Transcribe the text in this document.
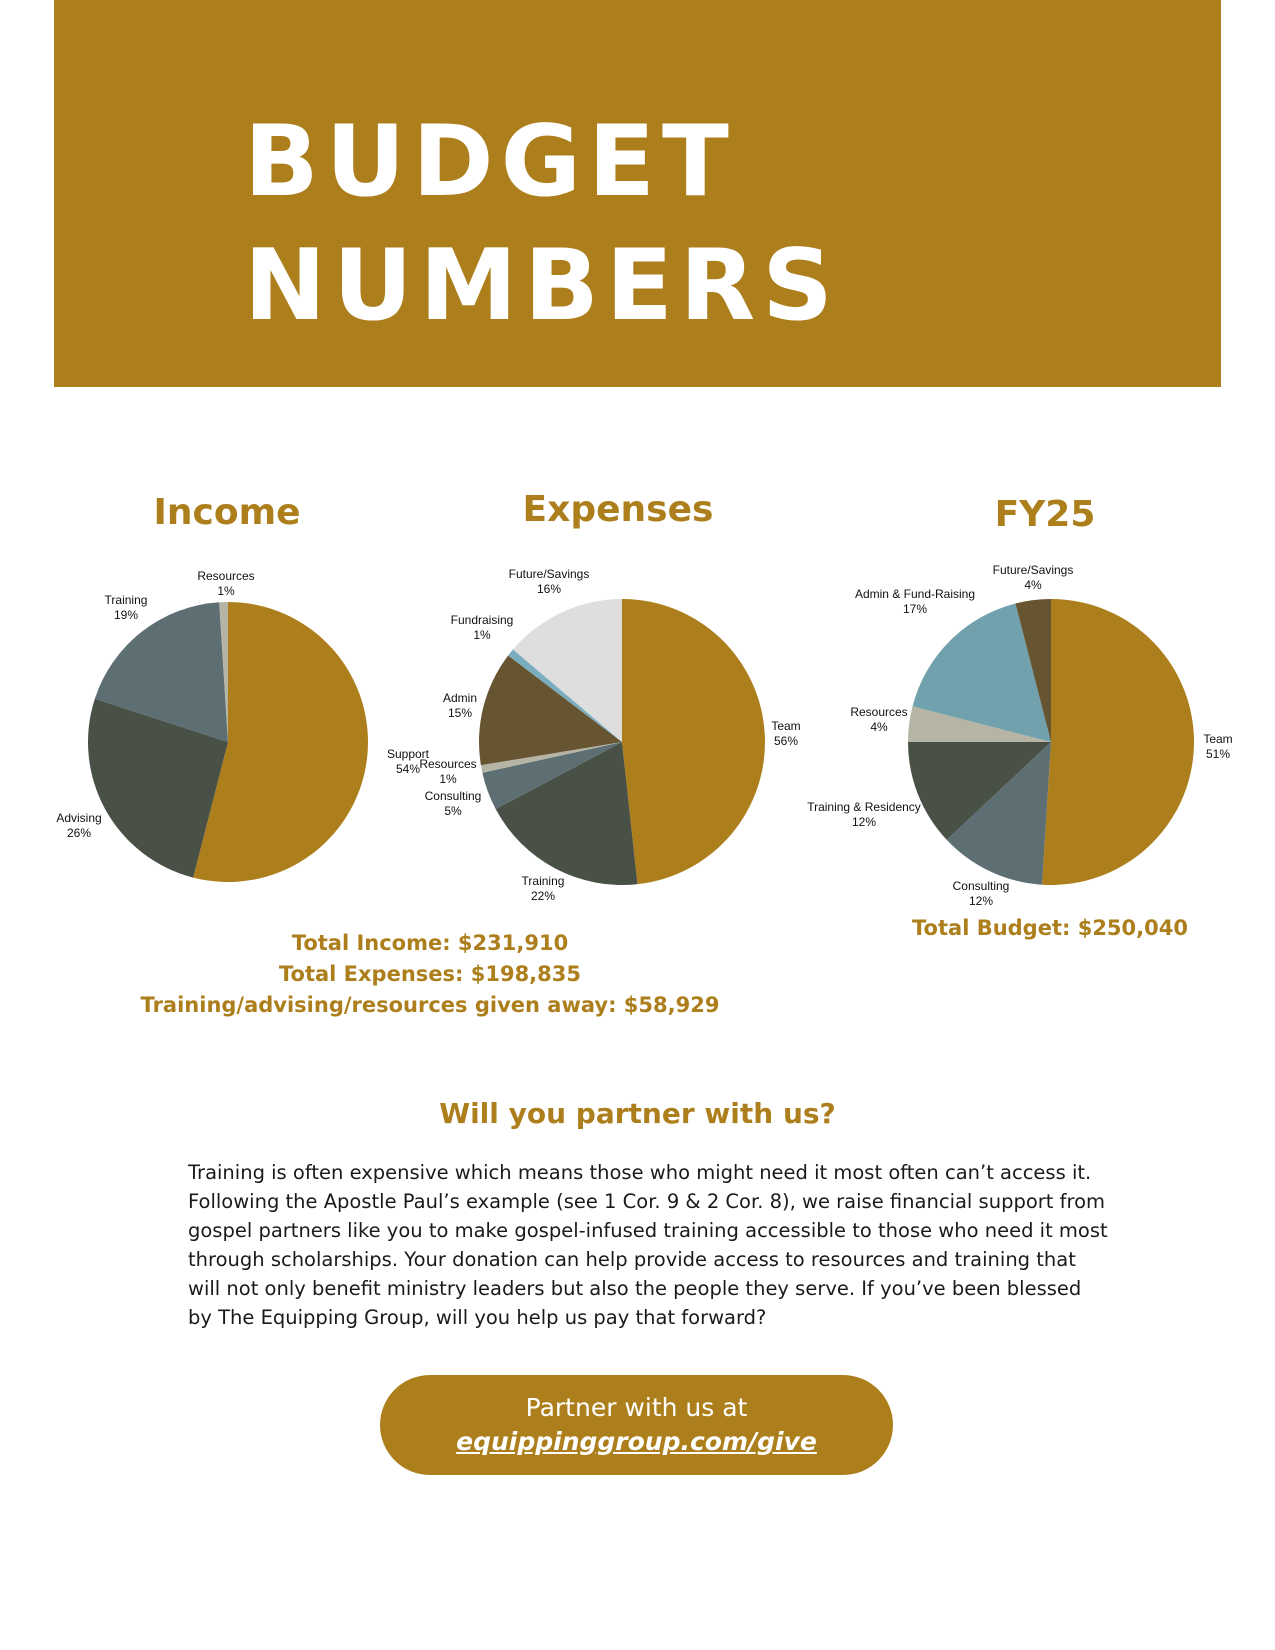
BUDGET
NUMBERS
Income	Expenses	FY25
Support
54%
Advising
26%
Training
19%
Resources
1%
Team
56%
Training
22%
Consulting
5%
Resources
1%
Admin
15%
Fundraising
1%
Future/Savings
16%
Team
51%
Consulting
12%
Training & Residency
12%
Resources
4%
Admin & Fund-Raising
17%
Future/Savings
4%
Total Income: $231,910
Total Expenses: $198,835
Training/advising/resources given away: $58,929
Total Budget: $250,040
Will you partner with us?
Training is often expensive which means those who might need it most often can’t access it. Following the Apostle Paul’s example (see 1 Cor. 9 & 2 Cor. 8), we raise financial support from gospel partners like you to make gospel-infused training accessible to those who need it most through scholarships. Your donation can help provide access to resources and training that will not only benefit ministry leaders but also the people they serve. If you’ve been blessed by The Equipping Group, will you help us pay that forward?
Partner with us at
equippinggroup.com/give
